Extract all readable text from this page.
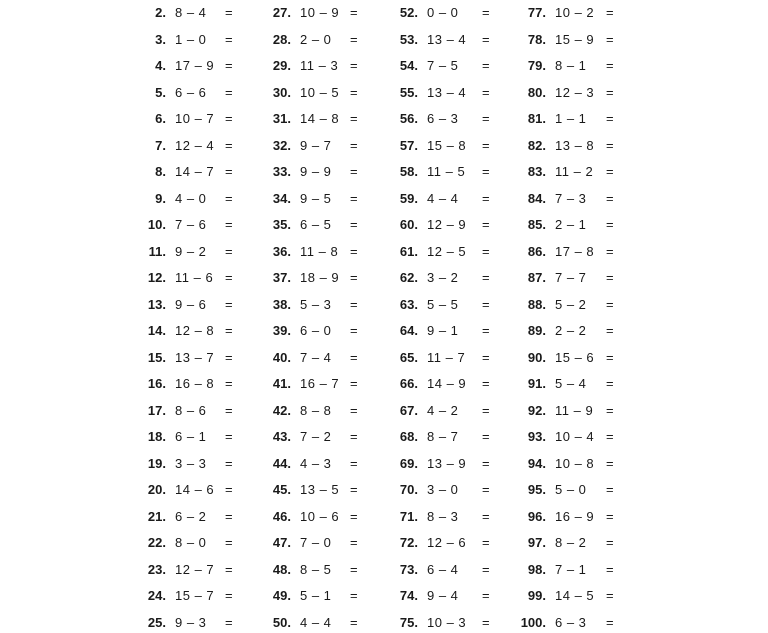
2. 8 – 4 =
3. 1 – 0 =
4. 17 – 9 =
5. 6 – 6 =
6. 10 – 7 =
7. 12 – 4 =
8. 14 – 7 =
9. 4 – 0 =
10. 7 – 6 =
11. 9 – 2 =
12. 11 – 6 =
13. 9 – 6 =
14. 12 – 8 =
15. 13 – 7 =
16. 16 – 8 =
17. 8 – 6 =
18. 6 – 1 =
19. 3 – 3 =
20. 14 – 6 =
21. 6 – 2 =
22. 8 – 0 =
23. 12 – 7 =
24. 15 – 7 =
25. 9 – 3 =
27. 10 – 9 =
28. 2 – 0 =
29. 11 – 3 =
30. 10 – 5 =
31. 14 – 8 =
32. 9 – 7 =
33. 9 – 9 =
34. 9 – 5 =
35. 6 – 5 =
36. 11 – 8 =
37. 18 – 9 =
38. 5 – 3 =
39. 6 – 0 =
40. 7 – 4 =
41. 16 – 7 =
42. 8 – 8 =
43. 7 – 2 =
44. 4 – 3 =
45. 13 – 5 =
46. 10 – 6 =
47. 7 – 0 =
48. 8 – 5 =
49. 5 – 1 =
50. 4 – 4 =
52. 0 – 0 =
53. 13 – 4 =
54. 7 – 5 =
55. 13 – 4 =
56. 6 – 3 =
57. 15 – 8 =
58. 11 – 5 =
59. 4 – 4 =
60. 12 – 9 =
61. 12 – 5 =
62. 3 – 2 =
63. 5 – 5 =
64. 9 – 1 =
65. 11 – 7 =
66. 14 – 9 =
67. 4 – 2 =
68. 8 – 7 =
69. 13 – 9 =
70. 3 – 0 =
71. 8 – 3 =
72. 12 – 6 =
73. 6 – 4 =
74. 9 – 4 =
75. 10 – 3 =
77. 10 – 2 =
78. 15 – 9 =
79. 8 – 1 =
80. 12 – 3 =
81. 1 – 1 =
82. 13 – 8 =
83. 11 – 2 =
84. 7 – 3 =
85. 2 – 1 =
86. 17 – 8 =
87. 7 – 7 =
88. 5 – 2 =
89. 2 – 2 =
90. 15 – 6 =
91. 5 – 4 =
92. 11 – 9 =
93. 10 – 4 =
94. 10 – 8 =
95. 5 – 0 =
96. 16 – 9 =
97. 8 – 2 =
98. 7 – 1 =
99. 14 – 5 =
100. 6 – 3 =
